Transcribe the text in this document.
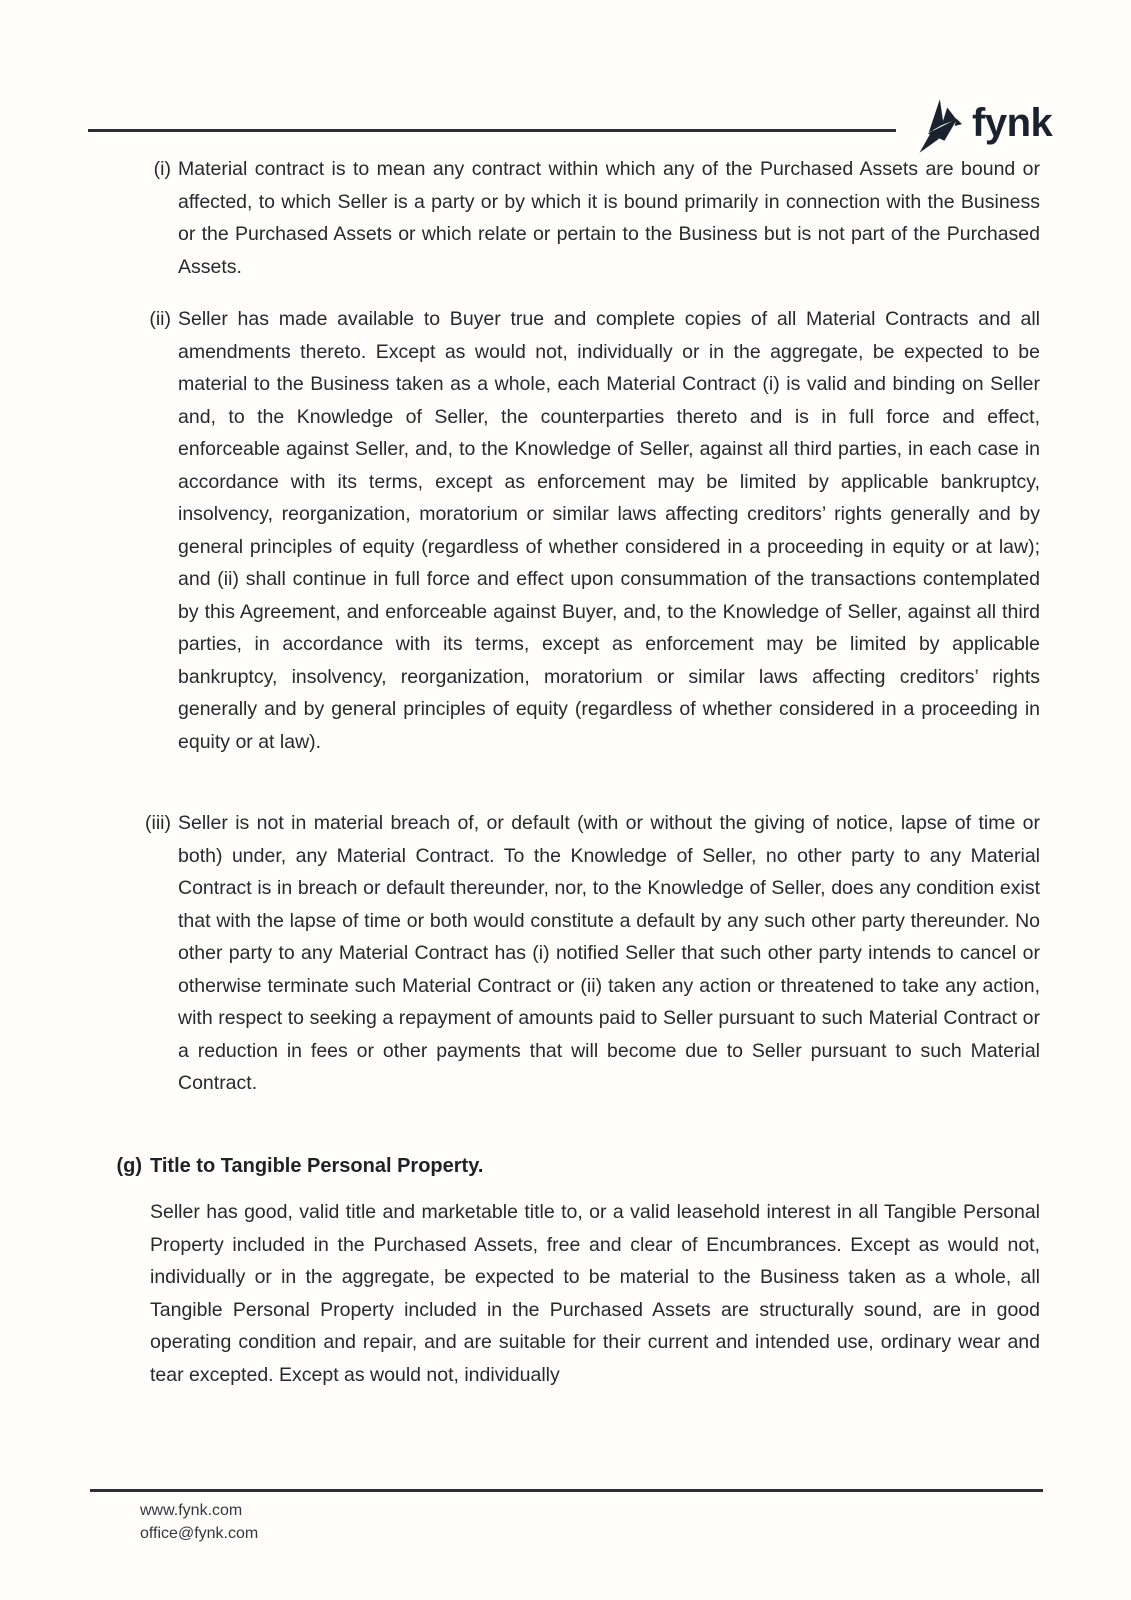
fynk
(i) Material contract is to mean any contract within which any of the Purchased Assets are bound or affected, to which Seller is a party or by which it is bound primarily in connection with the Business or the Purchased Assets or which relate or pertain to the Business but is not part of the Purchased Assets.
(ii) Seller has made available to Buyer true and complete copies of all Material Contracts and all amendments thereto. Except as would not, individually or in the aggregate, be expected to be material to the Business taken as a whole, each Material Contract (i) is valid and binding on Seller and, to the Knowledge of Seller, the counterparties thereto and is in full force and effect, enforceable against Seller, and, to the Knowledge of Seller, against all third parties, in each case in accordance with its terms, except as enforcement may be limited by applicable bankruptcy, insolvency, reorganization, moratorium or similar laws affecting creditors’ rights generally and by general principles of equity (regardless of whether considered in a proceeding in equity or at law); and (ii) shall continue in full force and effect upon consummation of the transactions contemplated by this Agreement, and enforceable against Buyer, and, to the Knowledge of Seller, against all third parties, in accordance with its terms, except as enforcement may be limited by applicable bankruptcy, insolvency, reorganization, moratorium or similar laws affecting creditors’ rights generally and by general principles of equity (regardless of whether considered in a proceeding in equity or at law).
(iii) Seller is not in material breach of, or default (with or without the giving of notice, lapse of time or both) under, any Material Contract. To the Knowledge of Seller, no other party to any Material Contract is in breach or default thereunder, nor, to the Knowledge of Seller, does any condition exist that with the lapse of time or both would constitute a default by any such other party thereunder. No other party to any Material Contract has (i) notified Seller that such other party intends to cancel or otherwise terminate such Material Contract or (ii) taken any action or threatened to take any action, with respect to seeking a repayment of amounts paid to Seller pursuant to such Material Contract or a reduction in fees or other payments that will become due to Seller pursuant to such Material Contract.
(g) Title to Tangible Personal Property.
Seller has good, valid title and marketable title to, or a valid leasehold interest in all Tangible Personal Property included in the Purchased Assets, free and clear of Encumbrances. Except as would not, individually or in the aggregate, be expected to be material to the Business taken as a whole, all Tangible Personal Property included in the Purchased Assets are structurally sound, are in good operating condition and repair, and are suitable for their current and intended use, ordinary wear and tear excepted. Except as would not, individually
www.fynk.com
office@fynk.com
